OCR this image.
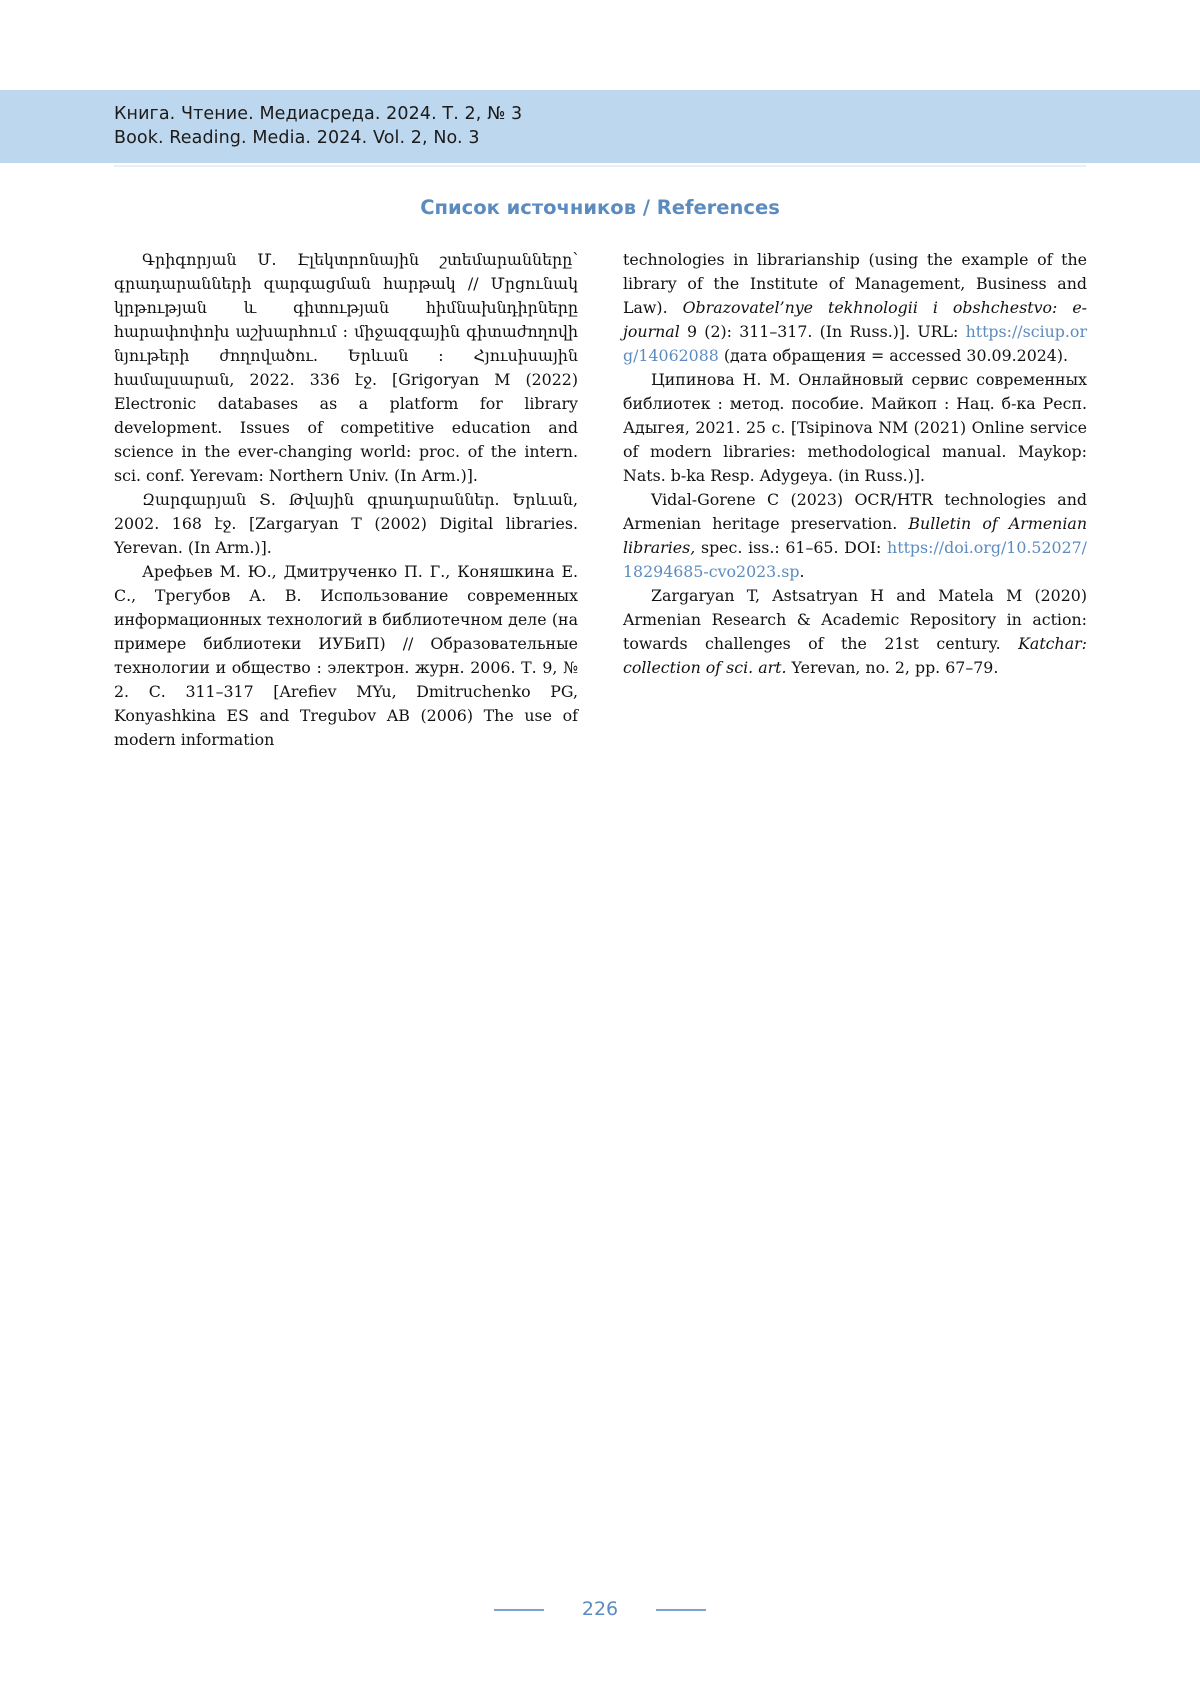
Книга. Чтение. Медиасреда. 2024. Т. 2, № 3
Book. Reading. Media. 2024. Vol. 2, No. 3
Список источников / References

Գրիգորյան Մ. Էլեկտրոնային շտեմարանները՝ գրադարանների զարգացման հարթակ // Մրցունակ կրթության և գիտության հիմնախնդիրները հարափոփոխ աշխարհում : միջազգային գիտաժողովի նյութերի ժողովածու. Երևան : Հյուսիսային համալսարան, 2022. 336 էջ. [Grigoryan M (2022) Electronic databases as a platform for library development. Issues of competitive education and science in the ever-changing world: proc. of the intern. sci. conf. Yerevam: Northern Univ. (In Arm.)].

Զարգարյան Տ. Թվային գրադարաններ. Երևան, 2002. 168 էջ. [Zargaryan T (2002) Digital libraries. Yerevan. (In Arm.)].

Арефьев М. Ю., Дмитрученко П. Г., Коняшкина Е. С., Трегубов А. В. Использование современных информационных технологий в библиотечном деле (на примере библиотеки ИУБиП) // Образовательные технологии и общество : электрон. журн. 2006. Т. 9, № 2. С. 311–317 [Arefiev MYu, Dmitruchenko PG, Konyashkina ES and Tregubov AB (2006) The use of modern information

technologies in librarianship (using the example of the library of the Institute of Management, Business and Law). Obrazovatel’nye tekhnologii i obshchestvo: e-journal 9 (2): 311–317. (In Russ.)]. URL: https://sciup.org/14062088 (дата обращения = accessed 30.09.2024).

Ципинова Н. М. Онлайновый сервис современных библиотек : метод. пособие. Майкоп : Нац. б-ка Респ. Адыгея, 2021. 25 с. [Tsipinova NM (2021) Online service of modern libraries: methodological manual. Maykop: Nats. b-ka Resp. Adygeya. (in Russ.)].

Vidal-Gorene C (2023) OCR/HTR technologies and Armenian heritage preservation. Bulletin of Armenian libraries, spec. iss.: 61–65. DOI: https://doi.org/10.52027/18294685-cvo2023.sp.

Zargaryan T, Astsatryan H and Matela M (2020) Armenian Research & Academic Repository in action: towards challenges of the 21st century. Katchar: collection of sci. art. Yerevan, no. 2, pp. 67–79.

226
